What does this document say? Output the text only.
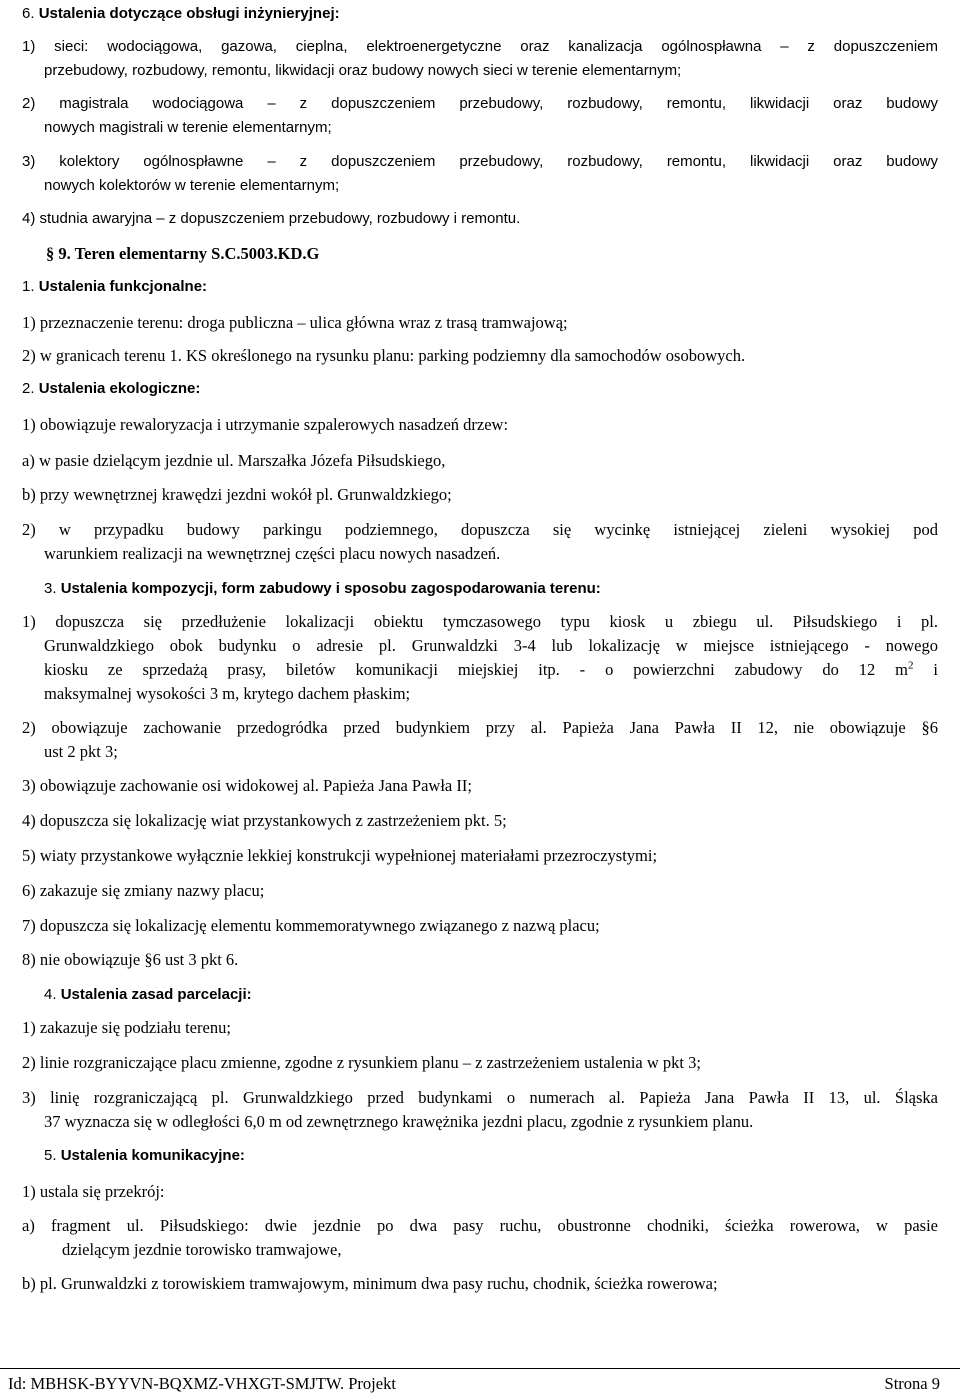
6. Ustalenia dotyczące obsługi inżynieryjnej:
1) sieci: wodociągowa, gazowa, cieplna, elektroenergetyczne oraz kanalizacja ogólnospławna – z dopuszczeniem
przebudowy, rozbudowy, remontu, likwidacji oraz budowy nowych sieci w terenie elementarnym;
2) magistrala wodociągowa – z dopuszczeniem przebudowy, rozbudowy, remontu, likwidacji oraz budowy
nowych magistrali w terenie elementarnym;
3) kolektory ogólnospławne – z dopuszczeniem przebudowy, rozbudowy, remontu, likwidacji oraz budowy
nowych kolektorów w terenie elementarnym;
4) studnia awaryjna – z dopuszczeniem przebudowy, rozbudowy i remontu.
§ 9. Teren elementarny S.C.5003.KD.G
1. Ustalenia funkcjonalne:
1) przeznaczenie terenu: droga publiczna – ulica główna wraz z trasą tramwajową;
2) w granicach terenu 1. KS określonego na rysunku planu: parking podziemny dla samochodów osobowych.
2. Ustalenia ekologiczne:
1) obowiązuje rewaloryzacja i utrzymanie szpalerowych nasadzeń drzew:
a) w pasie dzielącym jezdnie ul. Marszałka Józefa Piłsudskiego,
b) przy wewnętrznej krawędzi jezdni wokół pl. Grunwaldzkiego;
2) w przypadku budowy parkingu podziemnego, dopuszcza się wycinkę istniejącej zieleni wysokiej pod
warunkiem realizacji na wewnętrznej części placu nowych nasadzeń.
3. Ustalenia kompozycji, form zabudowy i sposobu zagospodarowania terenu:
1) dopuszcza się przedłużenie lokalizacji obiektu tymczasowego typu kiosk u zbiegu ul. Piłsudskiego i pl.
Grunwaldzkiego obok budynku o adresie pl. Grunwaldzki 3-4 lub lokalizację w miejsce istniejącego - nowego
kiosku ze sprzedażą prasy, biletów komunikacji miejskiej itp. - o powierzchni zabudowy do 12 $m^2$ i
maksymalnej wysokości 3 m, krytego dachem płaskim;
2) obowiązuje zachowanie przedogródka przed budynkiem przy al. Papieża Jana Pawła II 12, nie obowiązuje §6
ust 2 pkt 3;
3) obowiązuje zachowanie osi widokowej al. Papieża Jana Pawła II;
4) dopuszcza się lokalizację wiat przystankowych z zastrzeżeniem pkt. 5;
5) wiaty przystankowe wyłącznie lekkiej konstrukcji wypełnionej materiałami przezroczystymi;
6) zakazuje się zmiany nazwy placu;
7) dopuszcza się lokalizację elementu kommemoratywnego związanego z nazwą placu;
8) nie obowiązuje §6 ust 3 pkt 6.
4. Ustalenia zasad parcelacji:
1) zakazuje się podziału terenu;
2) linie rozgraniczające placu zmienne, zgodne z rysunkiem planu – z zastrzeżeniem ustalenia w pkt 3;
3) linię rozgraniczającą pl. Grunwaldzkiego przed budynkami o numerach al. Papieża Jana Pawła II 13, ul. Śląska
37 wyznacza się w odległości 6,0 m od zewnętrznego krawężnika jezdni placu, zgodnie z rysunkiem planu.
5. Ustalenia komunikacyjne:
1) ustala się przekrój:
a) fragment ul. Piłsudskiego: dwie jezdnie po dwa pasy ruchu, obustronne chodniki, ścieżka rowerowa, w pasie
dzielącym jezdnie torowisko tramwajowe,
b) pl. Grunwaldzki z torowiskiem tramwajowym, minimum dwa pasy ruchu, chodnik, ścieżka rowerowa;
Id: MBHSK-BYYVN-BQXMZ-VHXGT-SMJTW. Projekt	Strona 9
